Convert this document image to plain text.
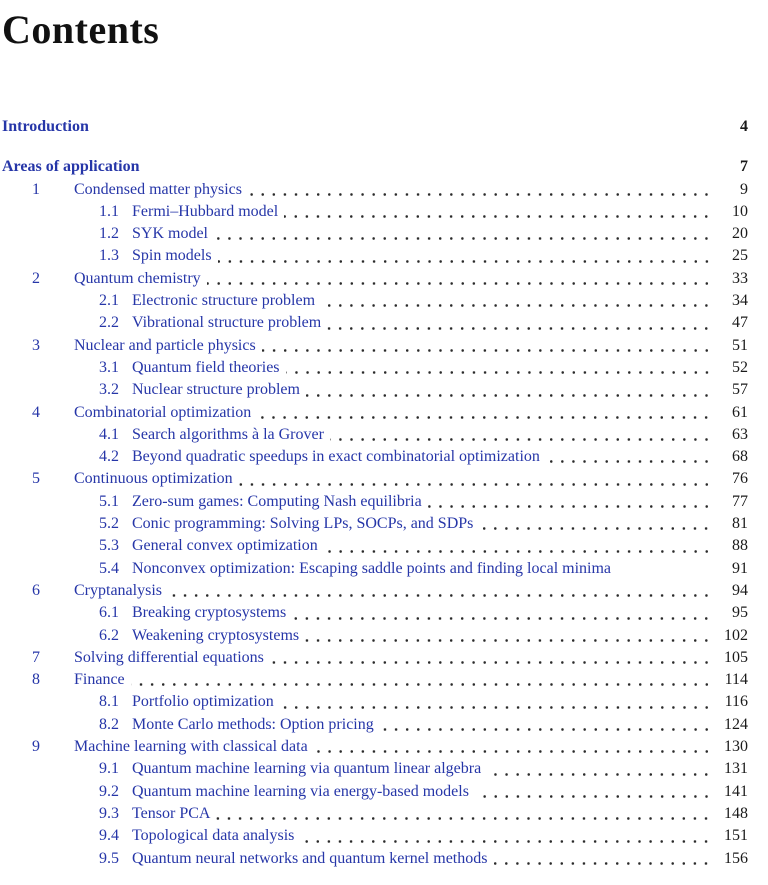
Contents
Introduction	4
Areas of application	7
1	Condensed matter physics	9
1.1 Fermi–Hubbard model	10
1.2 SYK model	20
1.3 Spin models	25
2	Quantum chemistry	33
2.1 Electronic structure problem	34
2.2 Vibrational structure problem	47
3	Nuclear and particle physics	51
3.1 Quantum field theories	52
3.2 Nuclear structure problem	57
4	Combinatorial optimization	61
4.1 Search algorithms à la Grover	63
4.2 Beyond quadratic speedups in exact combinatorial optimization	68
5	Continuous optimization	76
5.1 Zero-sum games: Computing Nash equilibria	77
5.2 Conic programming: Solving LPs, SOCPs, and SDPs	81
5.3 General convex optimization	88
5.4 Nonconvex optimization: Escaping saddle points and finding local minima	91
6	Cryptanalysis	94
6.1 Breaking cryptosystems	95
6.2 Weakening cryptosystems	102
7	Solving differential equations	105
8	Finance	114
8.1 Portfolio optimization	116
8.2 Monte Carlo methods: Option pricing	124
9	Machine learning with classical data	130
9.1 Quantum machine learning via quantum linear algebra	131
9.2 Quantum machine learning via energy-based models	141
9.3 Tensor PCA	148
9.4 Topological data analysis	151
9.5 Quantum neural networks and quantum kernel methods	156
